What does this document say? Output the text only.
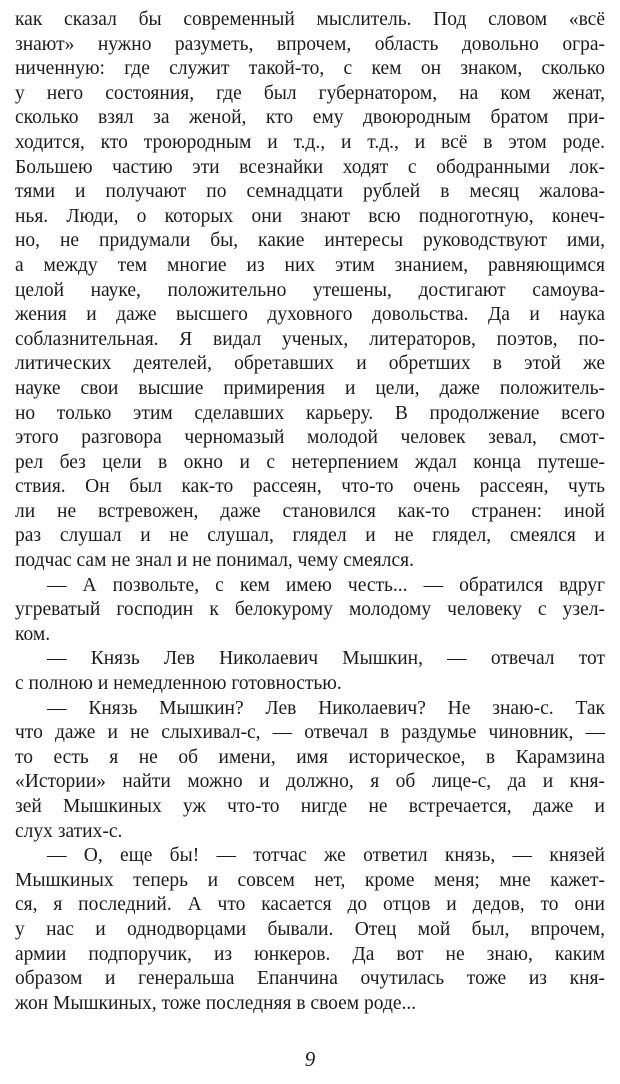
как сказал бы современный мыслитель. Под словом «всё
знают» нужно разуметь, впрочем, область довольно огра-
ниченную: где служит такой-то, с кем он знаком, сколько
у него состояния, где был губернатором, на ком женат,
сколько взял за женой, кто ему двоюродным братом при-
ходится, кто троюродным и т.д., и т.д., и всё в этом роде.
Большею частию эти всезнайки ходят с ободранными лок-
тями и получают по семнадцати рублей в месяц жалова-
нья. Люди, о которых они знают всю подноготную, конеч-
но, не придумали бы, какие интересы руководствуют ими,
а между тем многие из них этим знанием, равняющимся
целой науке, положительно утешены, достигают самоува-
жения и даже высшего духовного довольства. Да и наука
соблазнительная. Я видал ученых, литераторов, поэтов, по-
литических деятелей, обретавших и обретших в этой же
науке свои высшие примирения и цели, даже положитель-
но только этим сделавших карьеру. В продолжение всего
этого разговора черномазый молодой человек зевал, смот-
рел без цели в окно и с нетерпением ждал конца путеше-
ствия. Он был как-то рассеян, что-то очень рассеян, чуть
ли не встревожен, даже становился как-то странен: иной
раз слушал и не слушал, глядел и не глядел, смеялся и
подчас сам не знал и не понимал, чему смеялся.
— А позвольте, с кем имею честь... — обратился вдруг
угреватый господин к белокурому молодому человеку с узел-
ком.
— Князь Лев Николаевич Мышкин, — отвечал тот
с полною и немедленною готовностью.
— Князь Мышкин? Лев Николаевич? Не знаю-с. Так
что даже и не слыхивал-с, — отвечал в раздумье чиновник, —
то есть я не об имени, имя историческое, в Карамзина
«Истории» найти можно и должно, я об лице-с, да и кня-
зей Мышкиных уж что-то нигде не встречается, даже и
слух затих-с.
— О, еще бы! — тотчас же ответил князь, — князей
Мышкиных теперь и совсем нет, кроме меня; мне кажет-
ся, я последний. А что касается до отцов и дедов, то они
у нас и однодворцами бывали. Отец мой был, впрочем,
армии подпоручик, из юнкеров. Да вот не знаю, каким
образом и генеральша Епанчина очутилась тоже из кня-
жон Мышкиных, тоже последняя в своем роде...
9
